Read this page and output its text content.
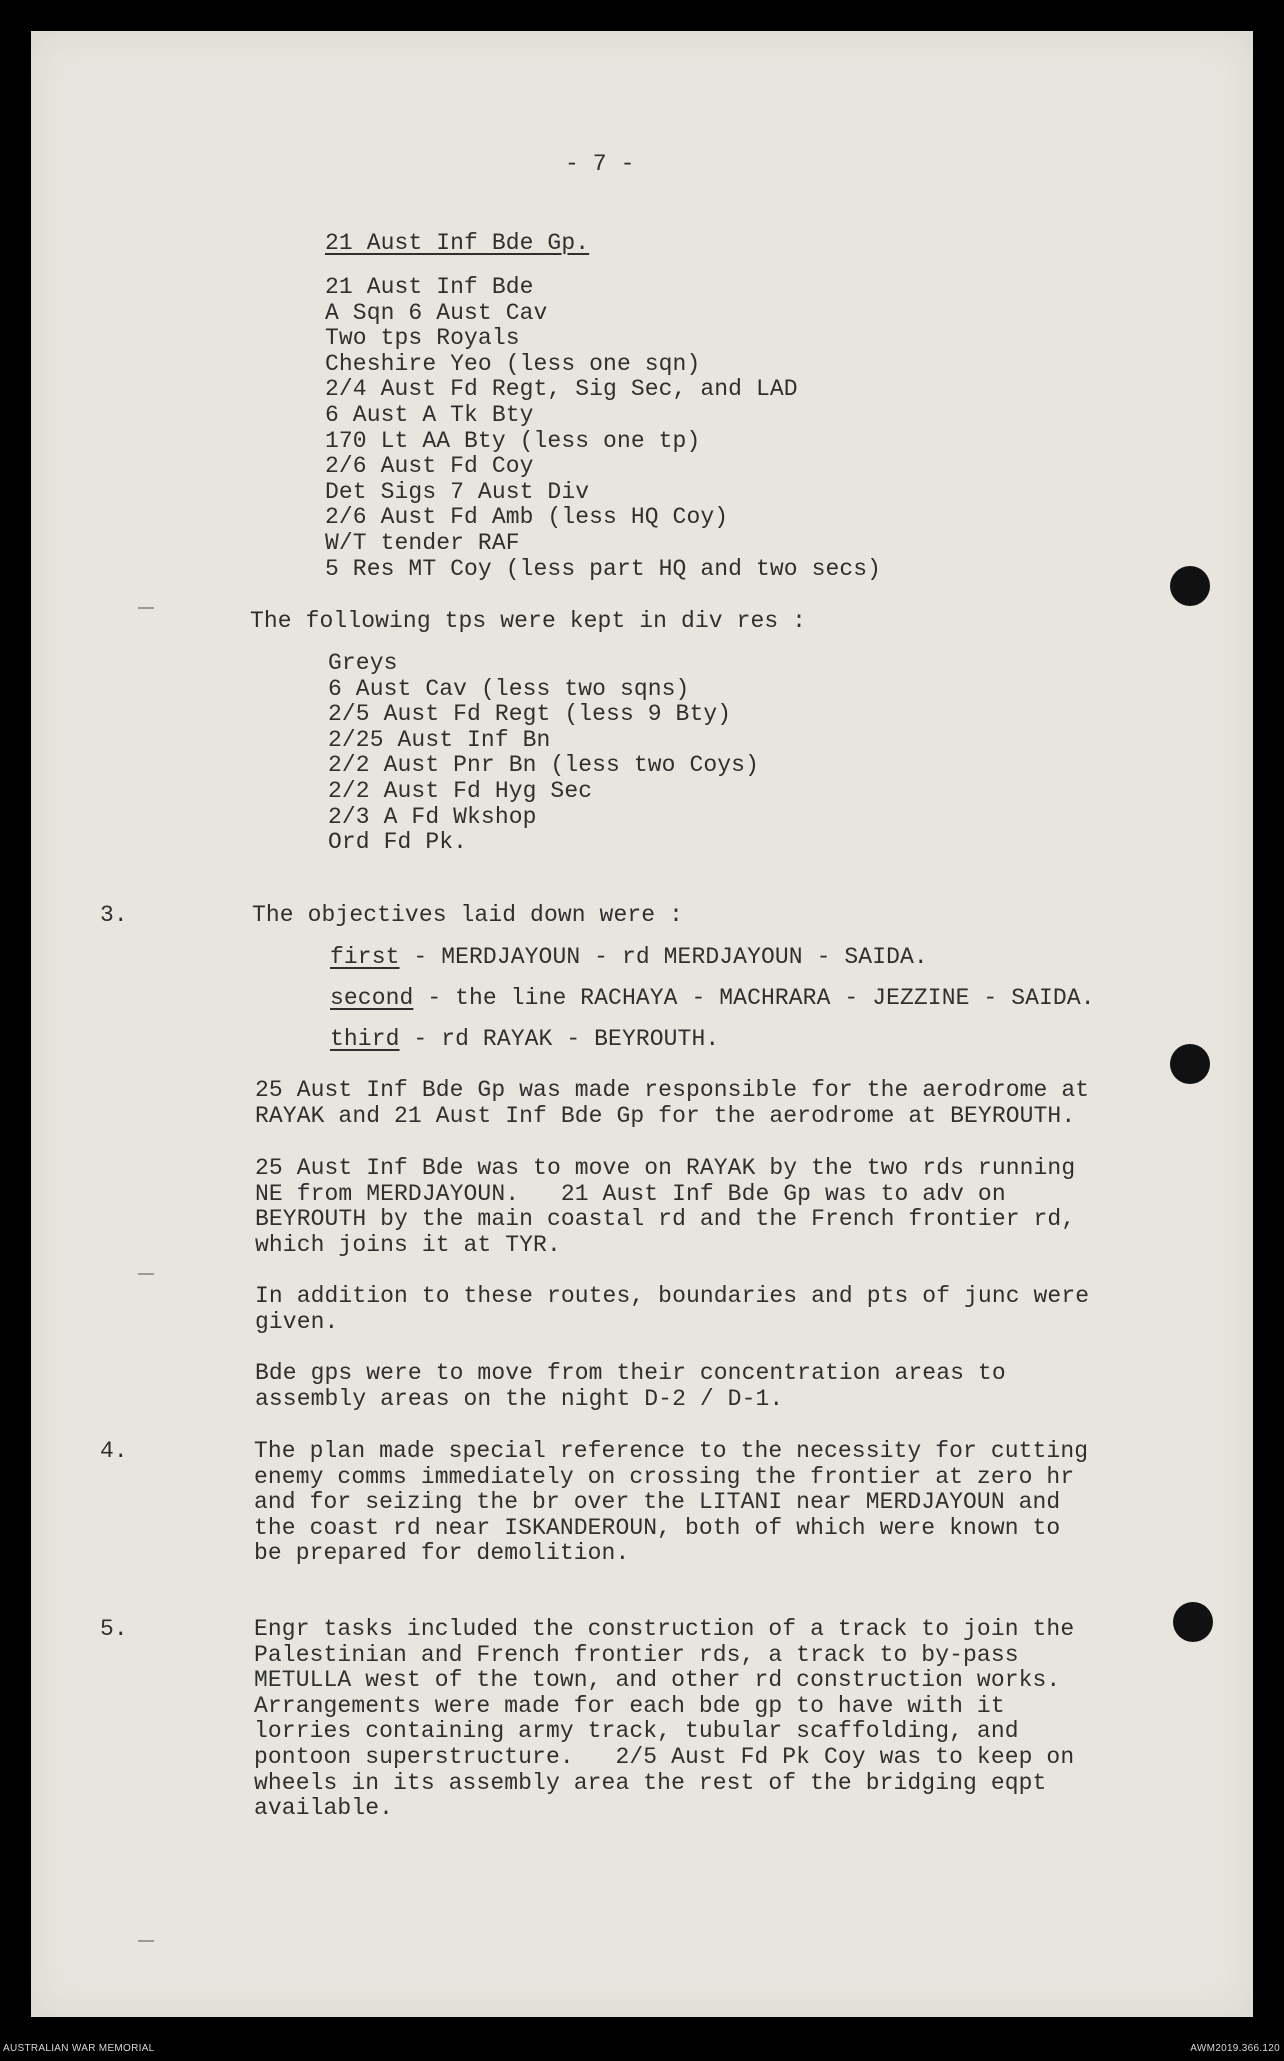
- 7 -
21 Aust Inf Bde Gp.
21 Aust Inf Bde
A Sqn 6 Aust Cav
Two tps Royals
Cheshire Yeo (less one sqn)
2/4 Aust Fd Regt, Sig Sec, and LAD
6 Aust A Tk Bty
170 Lt AA Bty (less one tp)
2/6 Aust Fd Coy
Det Sigs 7 Aust Div
2/6 Aust Fd Amb (less HQ Coy)
W/T tender RAF
5 Res MT Coy (less part HQ and two secs)
The following tps were kept in div res :
Greys
6 Aust Cav (less two sqns)
2/5 Aust Fd Regt (less 9 Bty)
2/25 Aust Inf Bn
2/2 Aust Pnr Bn (less two Coys)
2/2 Aust Fd Hyg Sec
2/3 A Fd Wkshop
Ord Fd Pk.
3.	The objectives laid down were :
first - MERDJAYOUN - rd MERDJAYOUN - SAIDA.
second - the line RACHAYA - MACHRARA - JEZZINE - SAIDA.
third - rd RAYAK - BEYROUTH.
25 Aust Inf Bde Gp was made responsible for the aerodrome at
RAYAK and 21 Aust Inf Bde Gp for the aerodrome at BEYROUTH.
25 Aust Inf Bde was to move on RAYAK by the two rds running
NE from MERDJAYOUN.   21 Aust Inf Bde Gp was to adv on
BEYROUTH by the main coastal rd and the French frontier rd,
which joins it at TYR.
In addition to these routes, boundaries and pts of junc were
given.
Bde gps were to move from their concentration areas to
assembly areas on the night D-2 / D-1.
4.	The plan made special reference to the necessity for cutting
enemy comms immediately on crossing the frontier at zero hr
and for seizing the br over the LITANI near MERDJAYOUN and
the coast rd near ISKANDEROUN, both of which were known to
be prepared for demolition.
5.	Engr tasks included the construction of a track to join the
Palestinian and French frontier rds, a track to by-pass
METULLA west of the town, and other rd construction works.
Arrangements were made for each bde gp to have with it
lorries containing army track, tubular scaffolding, and
pontoon superstructure.   2/5 Aust Fd Pk Coy was to keep on
wheels in its assembly area the rest of the bridging eqpt
available.
AUSTRALIAN WAR MEMORIAL	AWM2019.366.120
